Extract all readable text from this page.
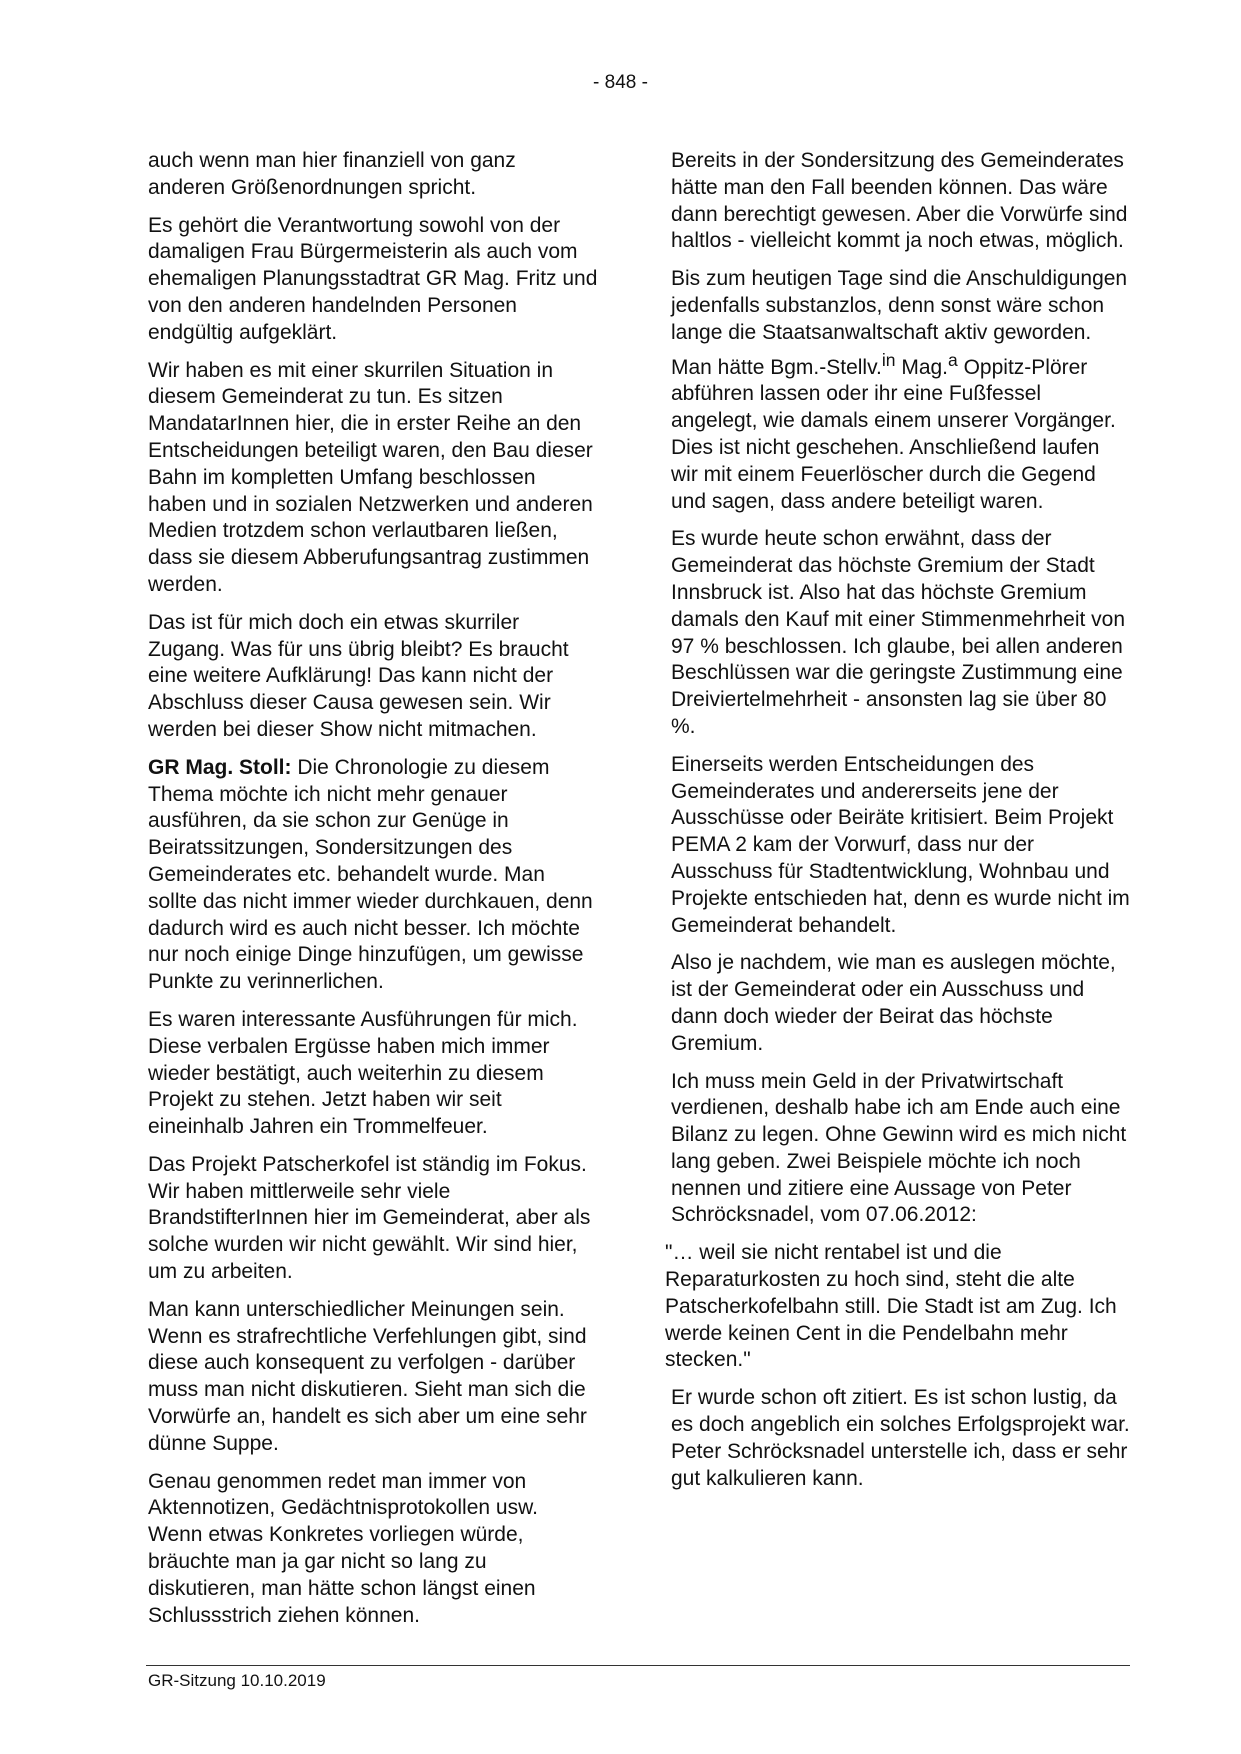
- 848 -

auch wenn man hier finanziell von ganz anderen Größenordnungen spricht.

Es gehört die Verantwortung sowohl von der damaligen Frau Bürgermeisterin als auch vom ehemaligen Planungsstadtrat GR Mag. Fritz und von den anderen handelnden Personen endgültig aufgeklärt.

Wir haben es mit einer skurrilen Situation in diesem Gemeinderat zu tun. Es sitzen MandatarInnen hier, die in erster Reihe an den Entscheidungen beteiligt waren, den Bau dieser Bahn im kompletten Umfang beschlossen haben und in sozialen Netzwerken und anderen Medien trotzdem schon verlautbaren ließen, dass sie diesem Abberufungsantrag zustimmen werden.

Das ist für mich doch ein etwas skurriler Zugang. Was für uns übrig bleibt? Es braucht eine weitere Aufklärung! Das kann nicht der Abschluss dieser Causa gewesen sein. Wir werden bei dieser Show nicht mitmachen.

GR Mag. Stoll: Die Chronologie zu diesem Thema möchte ich nicht mehr genauer ausführen, da sie schon zur Genüge in Beiratssitzungen, Sondersitzungen des Gemeinderates etc. behandelt wurde. Man sollte das nicht immer wieder durchkauen, denn dadurch wird es auch nicht besser. Ich möchte nur noch einige Dinge hinzufügen, um gewisse Punkte zu verinnerlichen.

Es waren interessante Ausführungen für mich. Diese verbalen Ergüsse haben mich immer wieder bestätigt, auch weiterhin zu diesem Projekt zu stehen. Jetzt haben wir seit eineinhalb Jahren ein Trommelfeuer.

Das Projekt Patscherkofel ist ständig im Fokus. Wir haben mittlerweile sehr viele BrandstifterInnen hier im Gemeinderat, aber als solche wurden wir nicht gewählt. Wir sind hier, um zu arbeiten.

Man kann unterschiedlicher Meinungen sein. Wenn es strafrechtliche Verfehlungen gibt, sind diese auch konsequent zu verfolgen - darüber muss man nicht diskutieren. Sieht man sich die Vorwürfe an, handelt es sich aber um eine sehr dünne Suppe.

Genau genommen redet man immer von Aktennotizen, Gedächtnisprotokollen usw. Wenn etwas Konkretes vorliegen würde, bräuchte man ja gar nicht so lang zu diskutieren, man hätte schon längst einen Schlussstrich ziehen können.

Bereits in der Sondersitzung des Gemeinderates hätte man den Fall beenden können. Das wäre dann berechtigt gewesen. Aber die Vorwürfe sind haltlos - vielleicht kommt ja noch etwas, möglich.

Bis zum heutigen Tage sind die Anschuldigungen jedenfalls substanzlos, denn sonst wäre schon lange die Staatsanwaltschaft aktiv geworden. Man hätte Bgm.-Stellv.$^{in}$ Mag.$^a$ Oppitz-Plörer abführen lassen oder ihr eine Fußfessel angelegt, wie damals einem unserer Vorgänger. Dies ist nicht geschehen. Anschließend laufen wir mit einem Feuerlöscher durch die Gegend und sagen, dass andere beteiligt waren.

Es wurde heute schon erwähnt, dass der Gemeinderat das höchste Gremium der Stadt Innsbruck ist. Also hat das höchste Gremium damals den Kauf mit einer Stimmenmehrheit von 97 % beschlossen. Ich glaube, bei allen anderen Beschlüssen war die geringste Zustimmung eine Dreiviertelmehrheit - ansonsten lag sie über 80 %.

Einerseits werden Entscheidungen des Gemeinderates und andererseits jene der Ausschüsse oder Beiräte kritisiert. Beim Projekt PEMA 2 kam der Vorwurf, dass nur der Ausschuss für Stadtentwicklung, Wohnbau und Projekte entschieden hat, denn es wurde nicht im Gemeinderat behandelt.

Also je nachdem, wie man es auslegen möchte, ist der Gemeinderat oder ein Ausschuss und dann doch wieder der Beirat das höchste Gremium.

Ich muss mein Geld in der Privatwirtschaft verdienen, deshalb habe ich am Ende auch eine Bilanz zu legen. Ohne Gewinn wird es mich nicht lang geben. Zwei Beispiele möchte ich noch nennen und zitiere eine Aussage von Peter Schröcksnadel, vom 07.06.2012:

"… weil sie nicht rentabel ist und die Reparaturkosten zu hoch sind, steht die alte Patscherkofelbahn still. Die Stadt ist am Zug. Ich werde keinen Cent in die Pendelbahn mehr stecken."

Er wurde schon oft zitiert. Es ist schon lustig, da es doch angeblich ein solches Erfolgsprojekt war. Peter Schröcksnadel unterstelle ich, dass er sehr gut kalkulieren kann.

GR-Sitzung 10.10.2019
